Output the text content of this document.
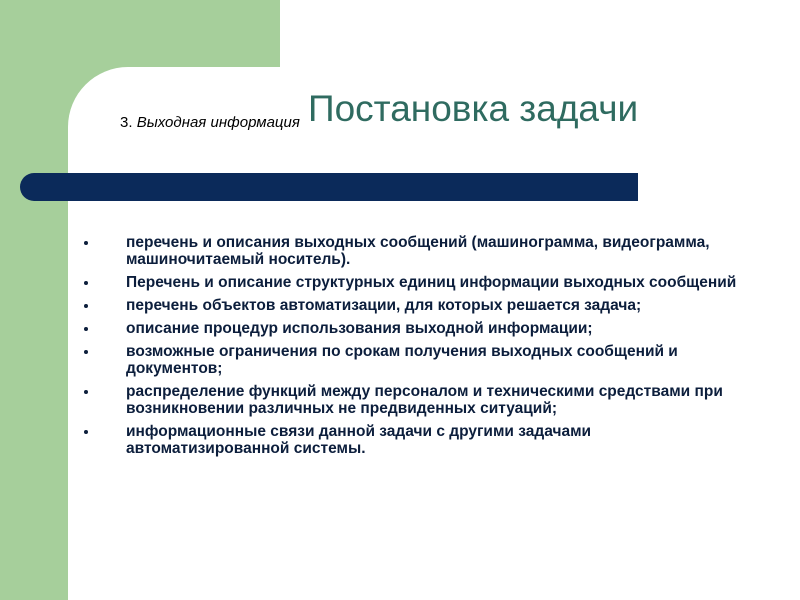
Постановка задачи
3. Выходная информация
перечень и описания выходных сообщений (машинограмма, видеограмма, машиночитаемый носитель).
Перечень и описание структурных единиц информации выходных сообщений
перечень объектов автоматизации, для которых решается задача;
описание процедур использования выходной информации;
возможные ограничения по срокам получения выходных сообщений и документов;
распределение функций между персоналом и техническими средствами при возникновении различных не предвиденных ситуаций;
информационные связи данной задачи с другими задачами автоматизированной системы.
